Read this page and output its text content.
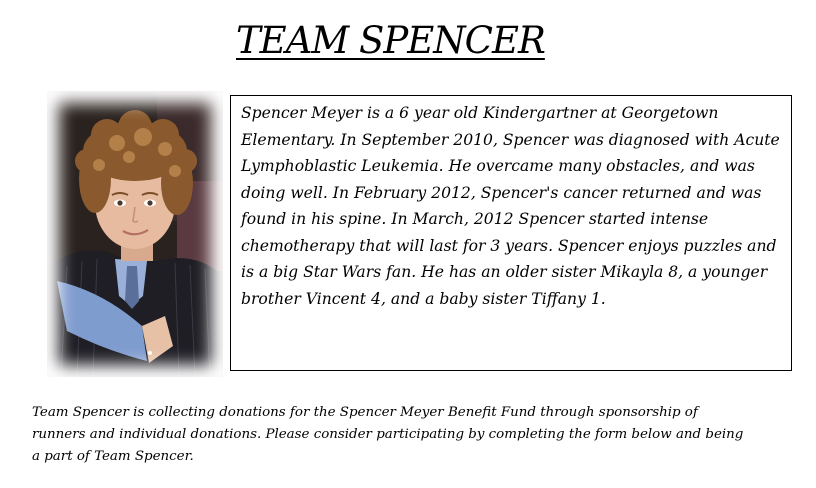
TEAM SPENCER

Spencer Meyer is a 6 year old Kindergartner at Georgetown Elementary. In September 2010, Spencer was diagnosed with Acute Lymphoblastic Leukemia. He overcame many obstacles, and was doing well. In February 2012, Spencer's cancer returned and was found in his spine. In March, 2012 Spencer started intense chemotherapy that will last for 3 years. Spencer enjoys puzzles and is a big Star Wars fan. He has an older sister Mikayla 8, a younger brother Vincent 4, and a baby sister Tiffany 1.

Team Spencer is collecting donations for the Spencer Meyer Benefit Fund through sponsorship of runners and individual donations. Please consider participating by completing the form below and being a part of Team Spencer.
